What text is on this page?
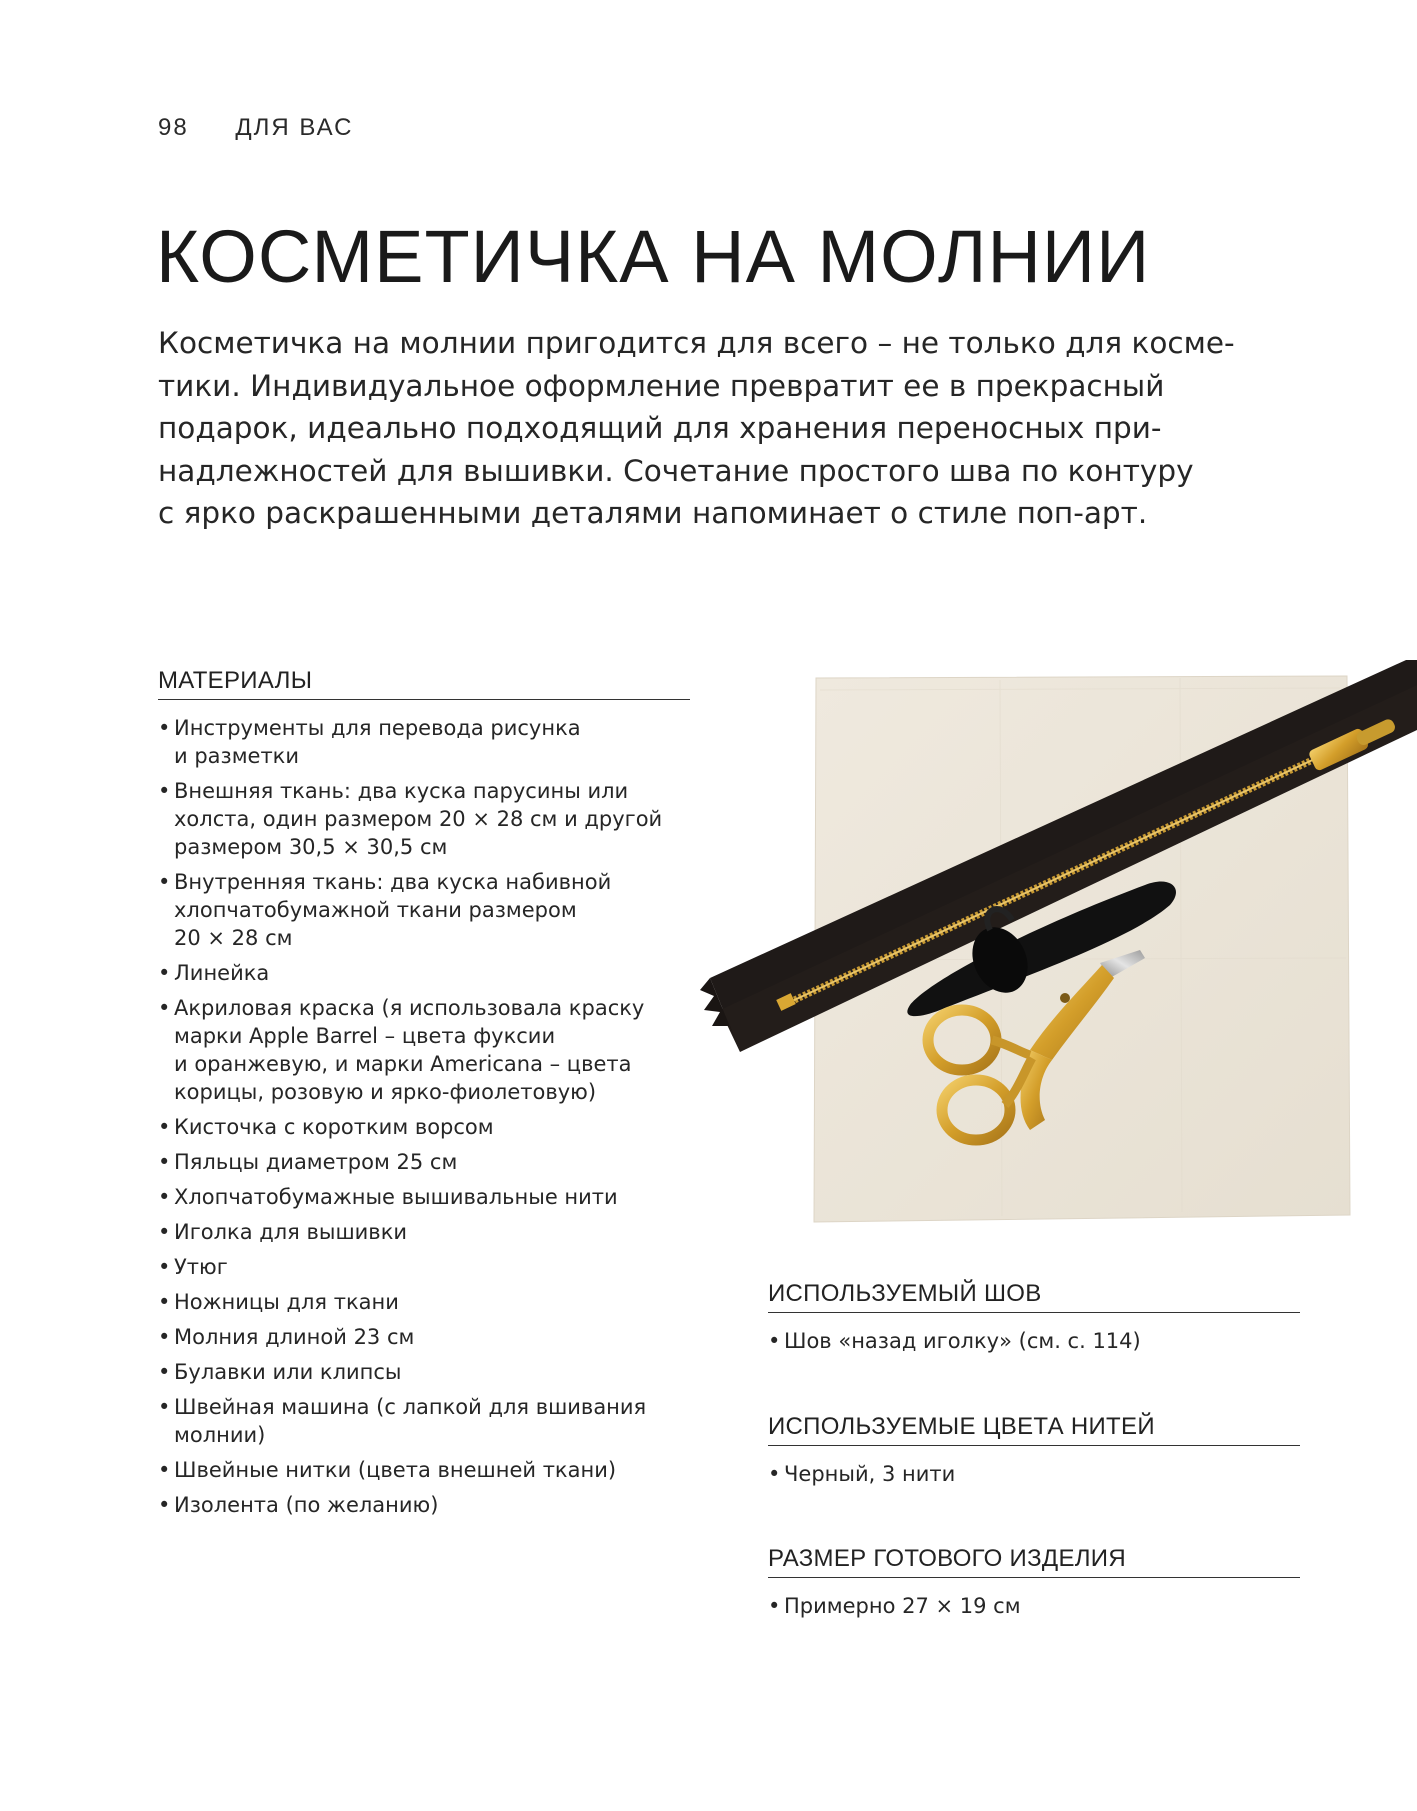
98 ДЛЯ ВАС
КОСМЕТИЧКА НА МОЛНИИ
Косметичка на молнии пригодится для всего – не только для косме-
тики. Индивидуальное оформление превратит ее в прекрасный
подарок, идеально подходящий для хранения переносных при-
надлежностей для вышивки. Сочетание простого шва по контуру
с ярко раскрашенными деталями напоминает о стиле поп-арт.
МАТЕРИАЛЫ
• Инструменты для перевода рисунка
и разметки
• Внешняя ткань: два куска парусины или
холста, один размером 20 × 28 см и другой
размером 30,5 × 30,5 см
• Внутренняя ткань: два куска набивной
хлопчатобумажной ткани размером
20 × 28 см
• Линейка
• Акриловая краска (я использовала краску
марки Apple Barrel – цвета фуксии
и оранжевую, и марки Americana – цвета
корицы, розовую и ярко-фиолетовую)
• Кисточка с коротким ворсом
• Пяльцы диаметром 25 см
• Хлопчатобумажные вышивальные нити
• Иголка для вышивки
• Утюг
• Ножницы для ткани
• Молния длиной 23 см
• Булавки или клипсы
• Швейная машина (с лапкой для вшивания
молнии)
• Швейные нитки (цвета внешней ткани)
• Изолента (по желанию)
ИСПОЛЬЗУЕМЫЙ ШОВ
• Шов «назад иголку» (см. с. 114)
ИСПОЛЬЗУЕМЫЕ ЦВЕТА НИТЕЙ
• Черный, 3 нити
РАЗМЕР ГОТОВОГО ИЗДЕЛИЯ
• Примерно 27 × 19 см
